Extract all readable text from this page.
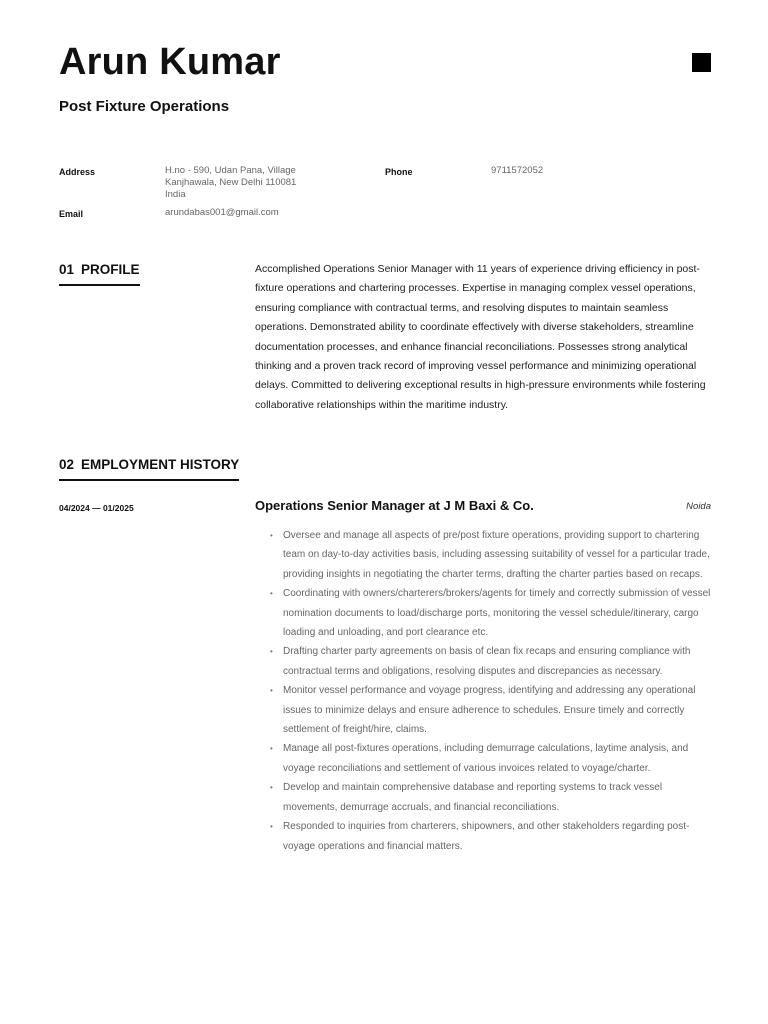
Arun Kumar
Post Fixture Operations
Address	H.no - 590, Udan Pana, Village
Kanjhawala, New Delhi 110081
India
Phone	9711572052
Email	arundabas001@gmail.com
01 PROFILE	Accomplished Operations Senior Manager with 11 years of experience driving efficiency in post-fixture operations and chartering processes. Expertise in managing complex vessel operations, ensuring compliance with contractual terms, and resolving disputes to maintain seamless operations. Demonstrated ability to coordinate effectively with diverse stakeholders, streamline documentation processes, and enhance financial reconciliations. Possesses strong analytical thinking and a proven track record of improving vessel performance and minimizing operational delays. Committed to delivering exceptional results in high-pressure environments while fostering collaborative relationships within the maritime industry.

02 EMPLOYMENT HISTORY
04/2024 — 01/2025	Operations Senior Manager at J M Baxi & Co.	Noida
• Oversee and manage all aspects of pre/post fixture operations, providing support to chartering team on day-to-day activities basis, including assessing suitability of vessel for a particular trade, providing insights in negotiating the charter terms, drafting the charter parties based on recaps.
• Coordinating with owners/charterers/brokers/agents for timely and correctly submission of vessel nomination documents to load/discharge ports, monitoring the vessel schedule/itinerary, cargo loading and unloading, and port clearance etc.
• Drafting charter party agreements on basis of clean fix recaps and ensuring compliance with contractual terms and obligations, resolving disputes and discrepancies as necessary.
• Monitor vessel performance and voyage progress, identifying and addressing any operational issues to minimize delays and ensure adherence to schedules. Ensure timely and correctly settlement of freight/hire, claims.
• Manage all post-fixtures operations, including demurrage calculations, laytime analysis, and voyage reconciliations and settlement of various invoices related to voyage/charter.
• Develop and maintain comprehensive database and reporting systems to track vessel movements, demurrage accruals, and financial reconciliations.
• Responded to inquiries from charterers, shipowners, and other stakeholders regarding post-voyage operations and financial matters.
